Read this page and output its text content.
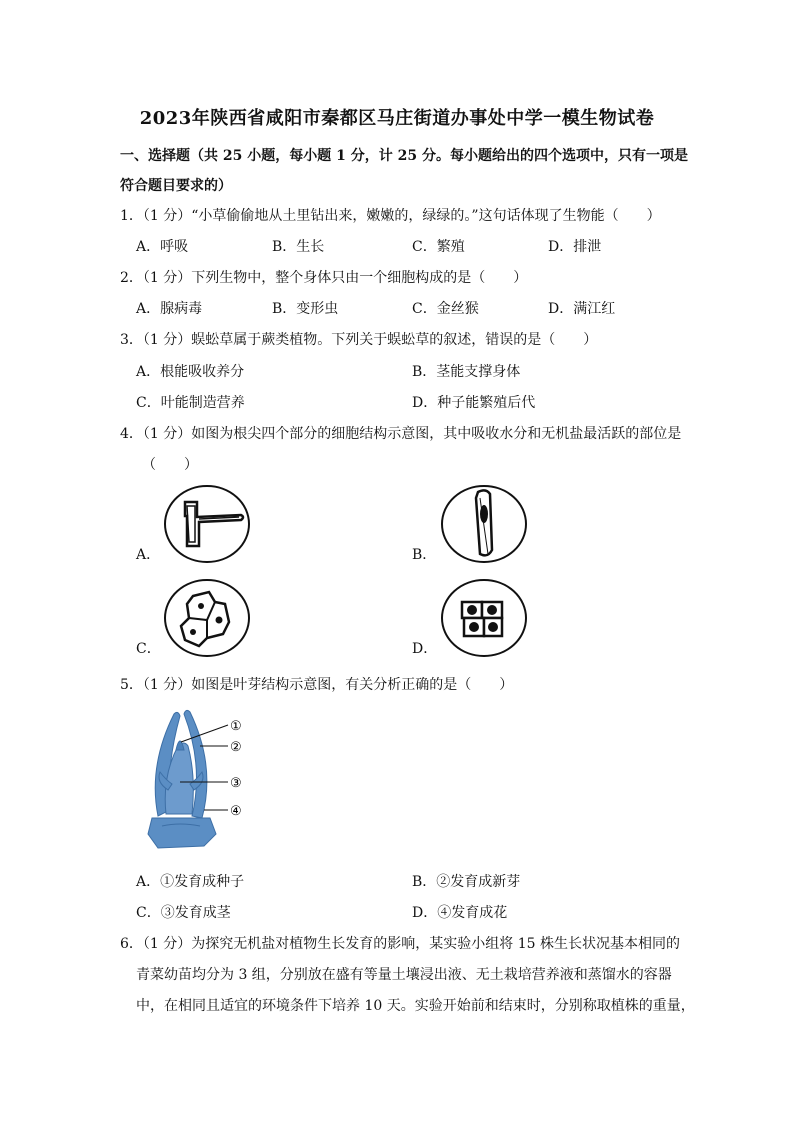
2023年陕西省咸阳市秦都区马庄街道办事处中学一模生物试卷
一、选择题（共 25 小题，每小题 1 分，计 25 分。每小题给出的四个选项中，只有一项是
符合题目要求的）
1．（1 分）“小草偷偷地从土里钻出来，嫩嫩的，绿绿的。”这句话体现了生物能（　　）
A．呼吸	B．生长	C．繁殖	D．排泄
2．（1 分）下列生物中，整个身体只由一个细胞构成的是（　　）
A．腺病毒	B．变形虫	C．金丝猴	D．满江红
3．（1 分）蜈蚣草属于蕨类植物。下列关于蜈蚣草的叙述，错误的是（　　）
A．根能吸收养分	B．茎能支撑身体
C．叶能制造营养	D．种子能繁殖后代
4．（1 分）如图为根尖四个部分的细胞结构示意图，其中吸收水分和无机盐最活跃的部位是
（　　）
A．	B．
C．	D．
5．（1 分）如图是叶芽结构示意图，有关分析正确的是（　　）
①
②
③
④
A．①发育成种子	B．②发育成新芽
C．③发育成茎	D．④发育成花
6．（1 分）为探究无机盐对植物生长发育的影响，某实验小组将 15 株生长状况基本相同的
青菜幼苗均分为 3 组，分别放在盛有等量土壤浸出液、无土栽培营养液和蒸馏水的容器
中，在相同且适宜的环境条件下培养 10 天。实验开始前和结束时，分别称取植株的重量，
